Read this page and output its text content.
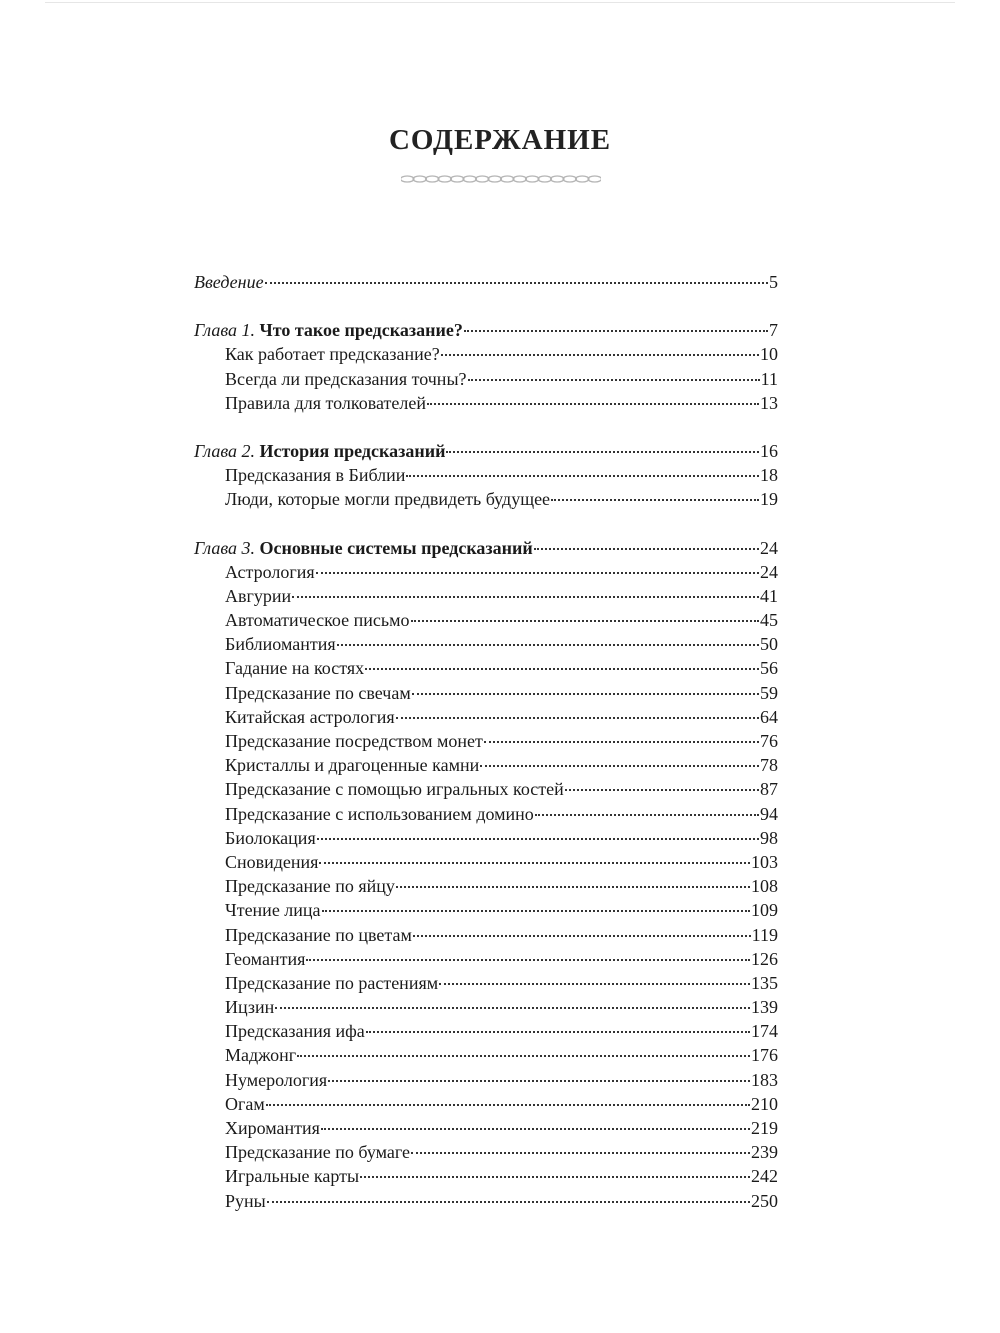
СОДЕРЖАНИЕ
Введение	5
Глава 1. Что такое предсказание?	7
Как работает предсказание?	10
Всегда ли предсказания точны?	11
Правила для толкователей	13
Глава 2. История предсказаний	16
Предсказания в Библии	18
Люди, которые могли предвидеть будущее	19
Глава 3. Основные системы предсказаний	24
Астрология	24
Авгурии	41
Автоматическое письмо	45
Библиомантия	50
Гадание на костях	56
Предсказание по свечам	59
Китайская астрология	64
Предсказание посредством монет	76
Кристаллы и драгоценные камни	78
Предсказание с помощью игральных костей	87
Предсказание с использованием домино	94
Биолокация	98
Сновидения	103
Предсказание по яйцу	108
Чтение лица	109
Предсказание по цветам	119
Геомантия	126
Предсказание по растениям	135
Ицзин	139
Предсказания ифа	174
Маджонг	176
Нумерология	183
Огам	210
Хиромантия	219
Предсказание по бумаге	239
Игральные карты	242
Руны	250
